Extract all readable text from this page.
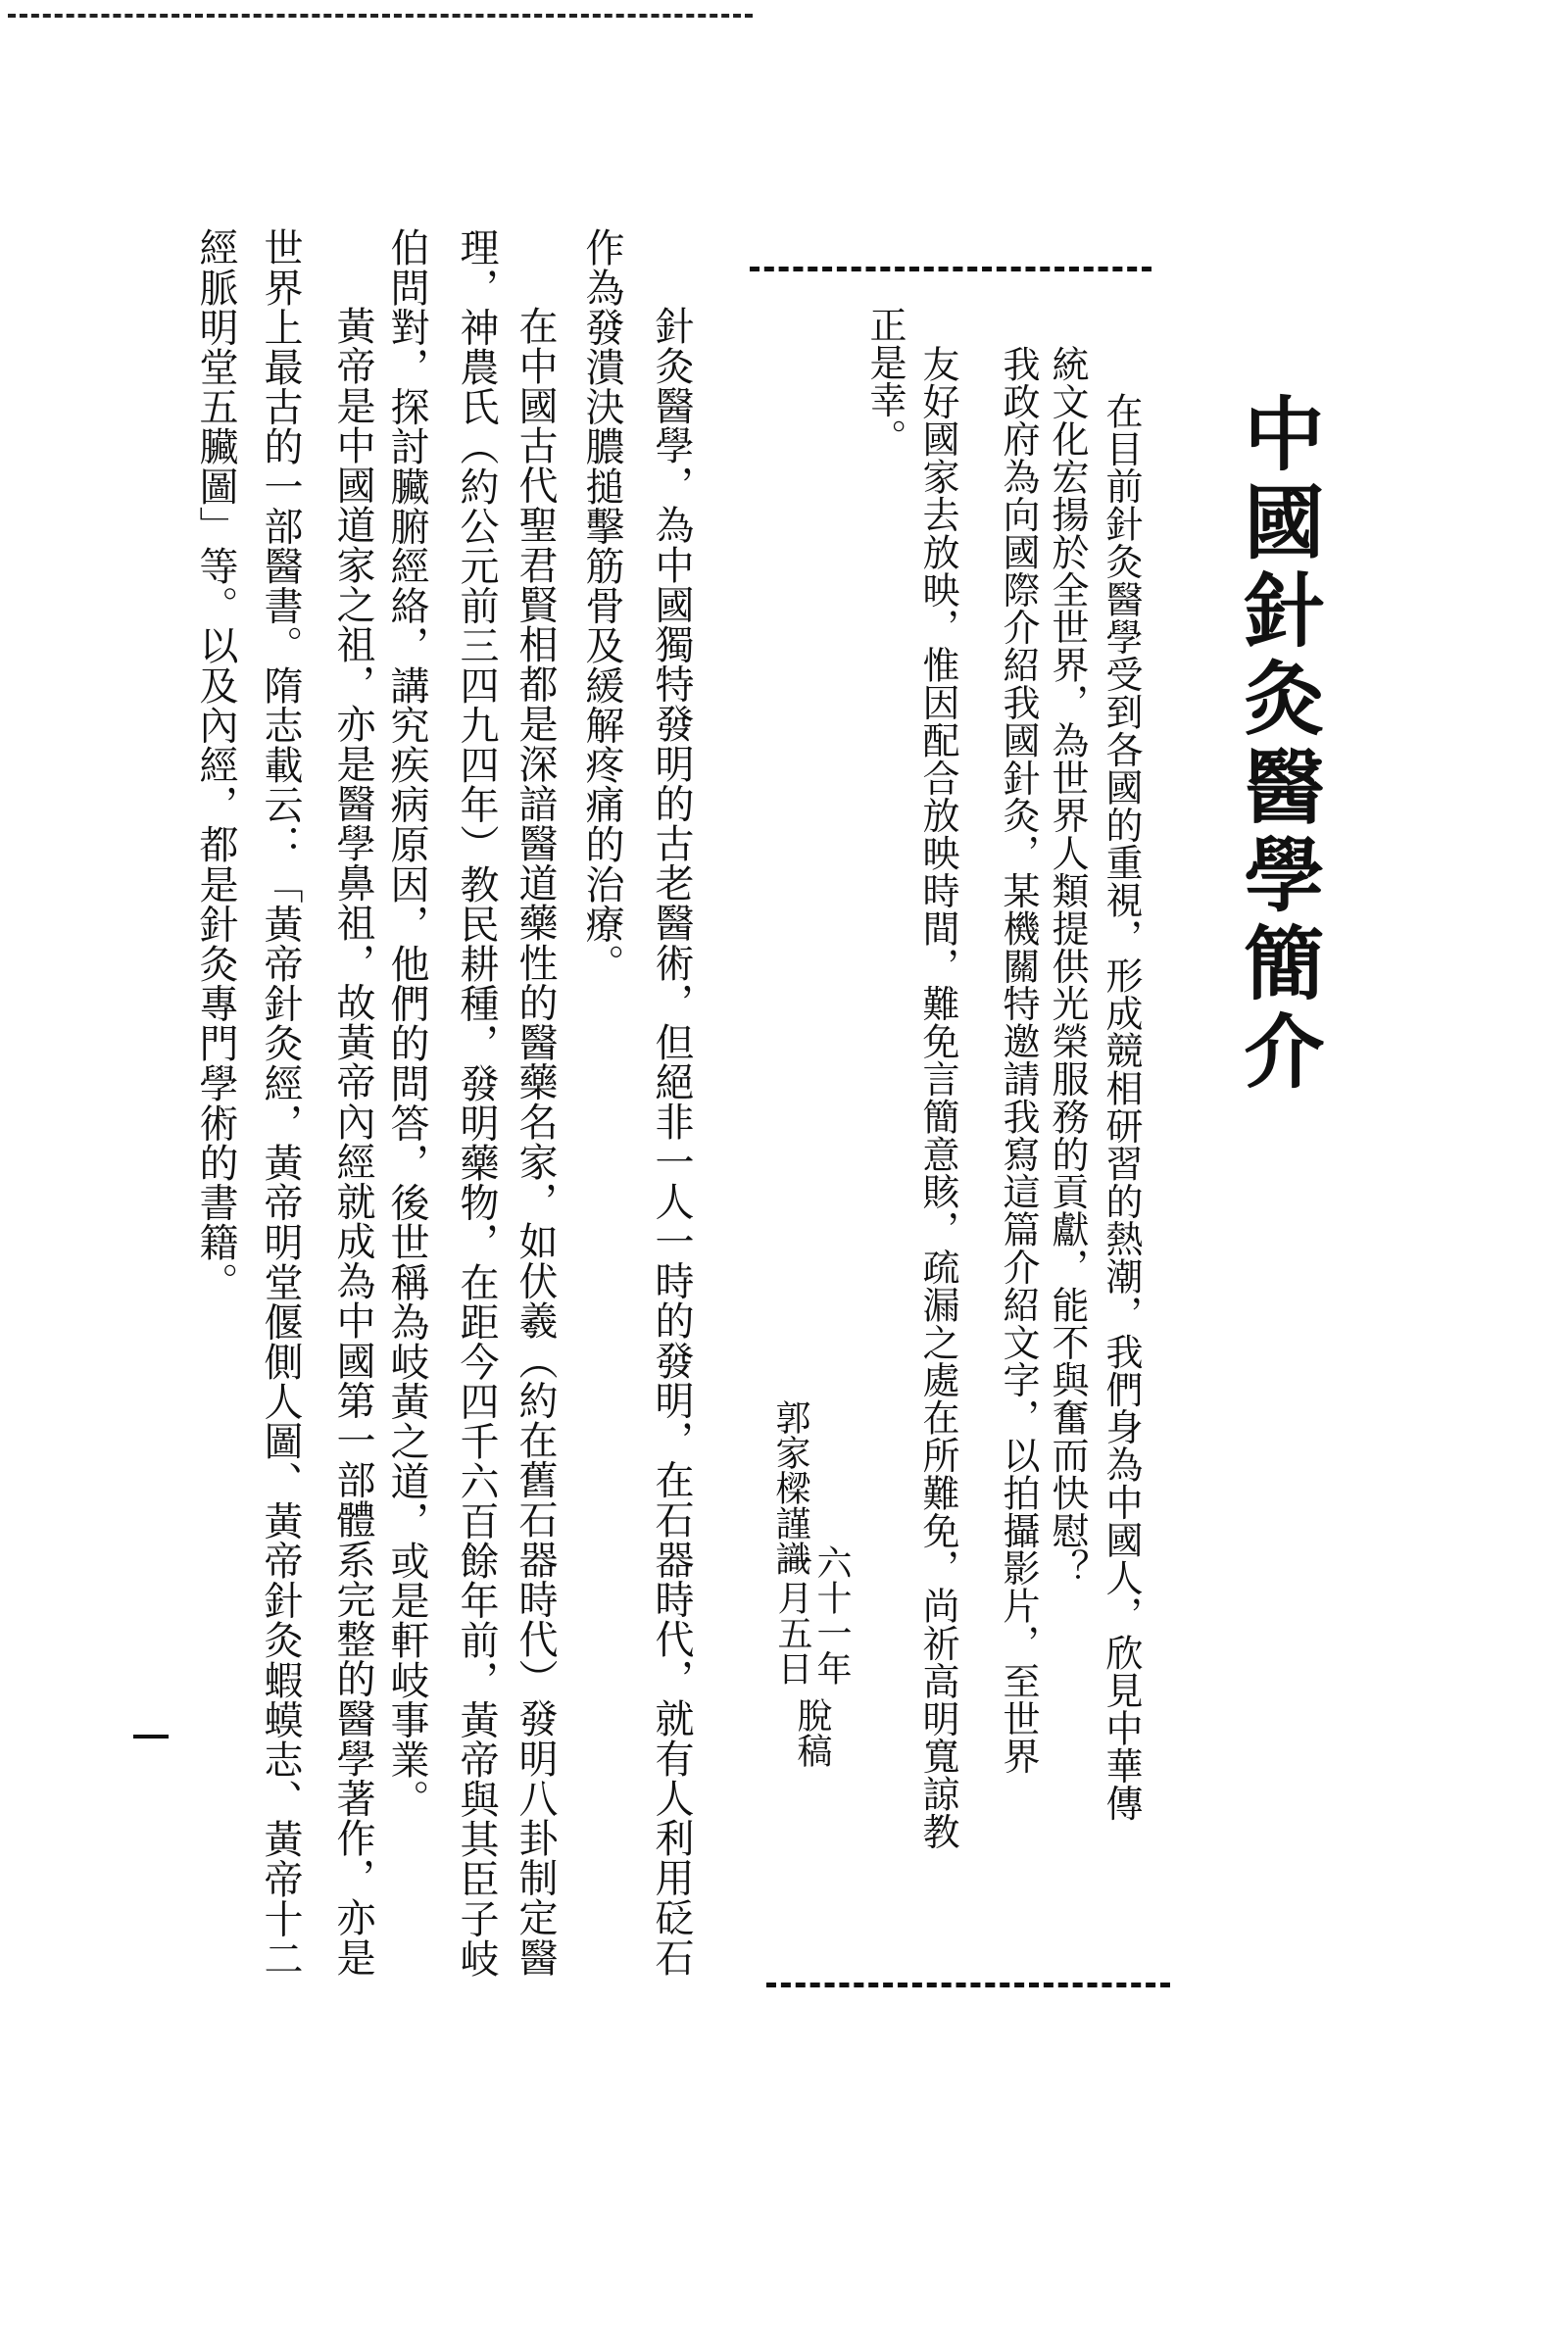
中國針灸醫學簡介
在目前針灸醫學受到各國的重視，形成競相研習的熱潮，我們身為中國人，欣見中華傳
統文化宏揚於全世界，為世界人類提供光榮服務的貢獻，能不與奮而快慰？
我政府為向國際介紹我國針灸，某機關特邀請我寫這篇介紹文字，以拍攝影片，至世界
友好國家去放映，惟因配合放映時間，難免言簡意賅，疏漏之處在所難免，尚祈高明寬諒教
正是幸。
郭家樑謹識
六十一年
一月五日
脫稿
針灸醫學，為中國獨特發明的古老醫術，但絕非一人一時的發明，在石器時代，就有人利用砭石
作為發潰決膿搥擊筋骨及緩解疼痛的治療。
在中國古代聖君賢相都是深諳醫道藥性的醫藥名家，如伏羲（約在舊石器時代）發明八卦制定醫
理，神農氏（約公元前三四九四年）教民耕種，發明藥物，在距今四千六百餘年前，黃帝與其臣子岐
伯問對，探討臟腑經絡，講究疾病原因，他們的問答，後世稱為岐黃之道，或是軒岐事業。
黃帝是中國道家之祖，亦是醫學鼻祖，故黃帝內經就成為中國第一部體系完整的醫學著作，亦是
世界上最古的一部醫書。隋志載云：「黃帝針灸經，黃帝明堂偃側人圖、黃帝針灸蝦蟆志、黃帝十二
經脈明堂五臟圖」等。以及內經，都是針灸專門學術的書籍。
